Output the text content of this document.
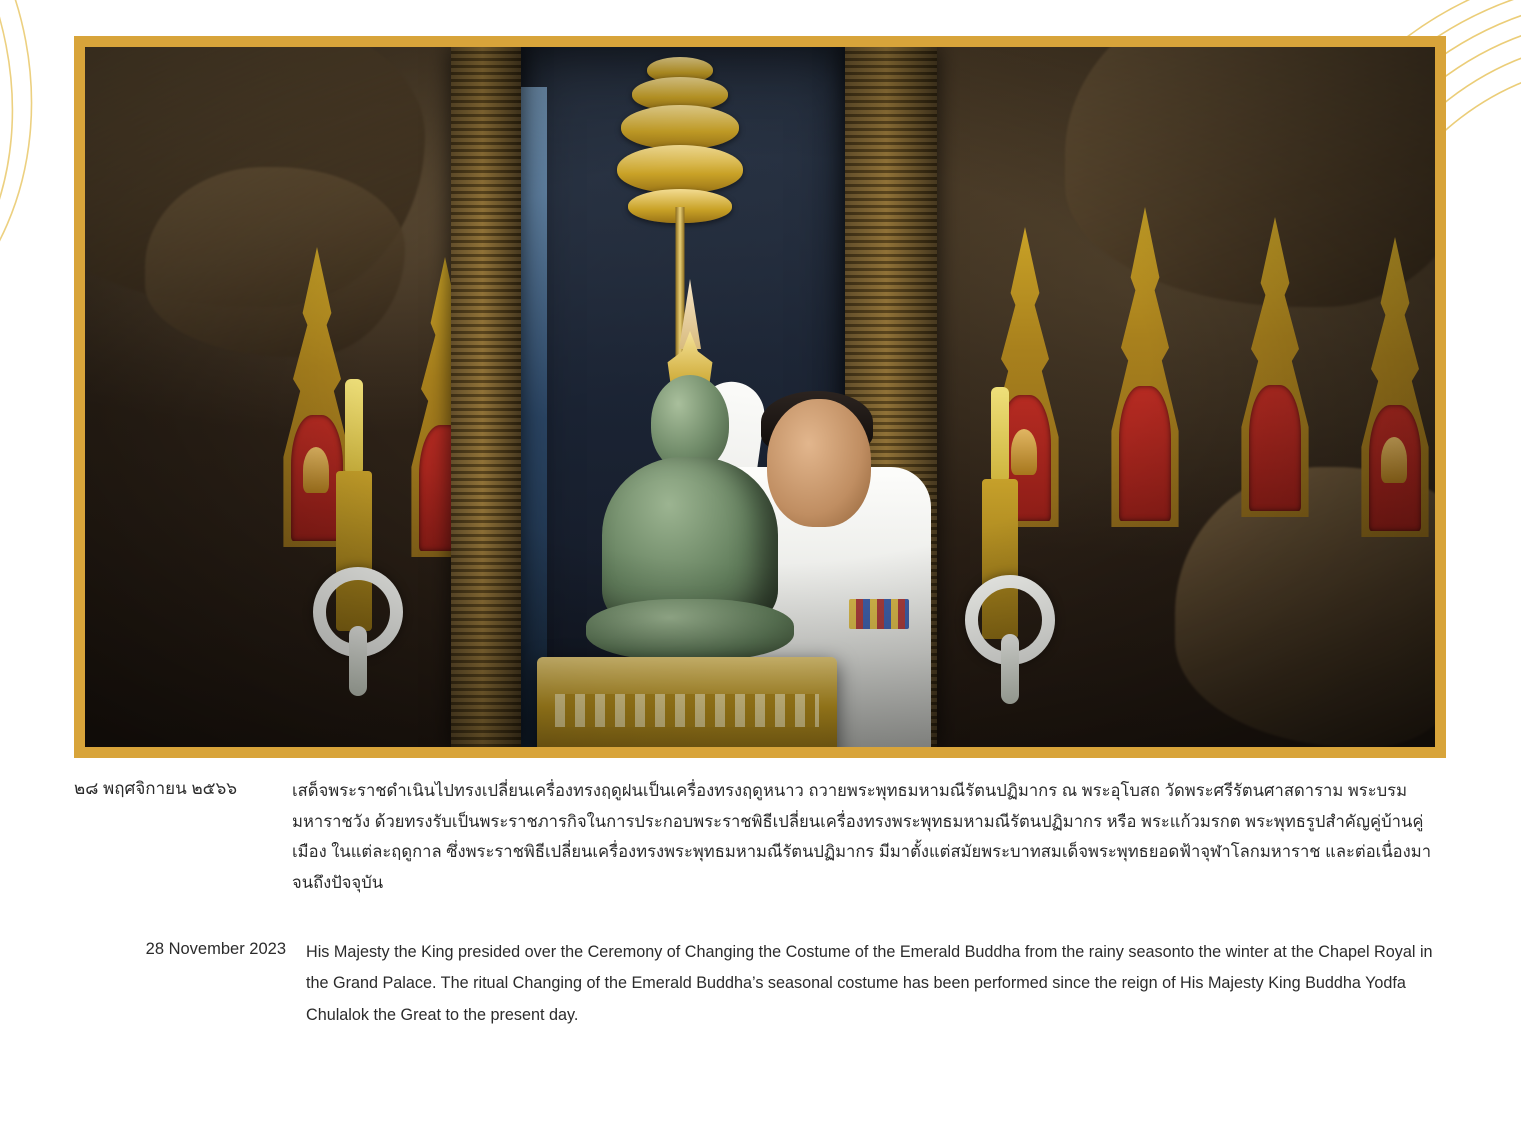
๒๘ พฤศจิกายน ๒๕๖๖	เสด็จพระราชดำเนินไปทรงเปลี่ยนเครื่องทรงฤดูฝนเป็นเครื่องทรงฤดูหนาว ถวายพระพุทธมหามณีรัตนปฏิมากร ณ พระอุโบสถ วัดพระศรีรัตนศาสดาราม พระบรมมหาราชวัง ด้วยทรงรับเป็นพระราชภารกิจในการประกอบพระราชพิธีเปลี่ยนเครื่องทรงพระพุทธมหามณีรัตนปฏิมากร หรือ พระแก้วมรกต พระพุทธรูปสำคัญคู่บ้านคู่เมือง ในแต่ละฤดูกาล ซึ่งพระราชพิธีเปลี่ยนเครื่องทรงพระพุทธมหามณีรัตนปฏิมากร มีมาตั้งแต่สมัยพระบาทสมเด็จพระพุทธยอดฟ้าจุฬาโลกมหาราช และต่อเนื่องมาจนถึงปัจจุบัน
28 November 2023	His Majesty the King presided over the Ceremony of Changing the Costume of the Emerald Buddha from the rainy seasonto the winter at the Chapel Royal in the Grand Palace. The ritual Changing of the Emerald Buddha’s seasonal costume has been performed since the reign of His Majesty King Buddha Yodfa Chulalok the Great to the present day.
